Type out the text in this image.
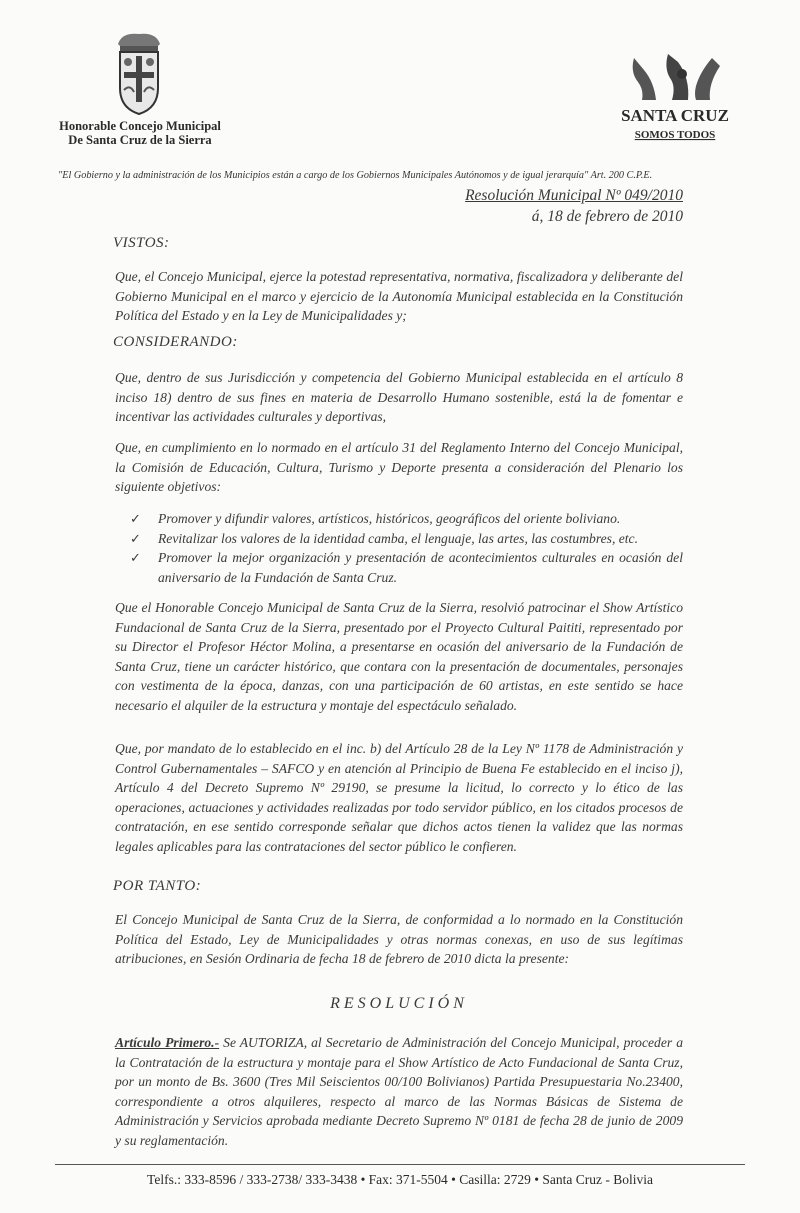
Honorable Concejo Municipal
De Santa Cruz de la Sierra
SANTA CRUZ
SOMOS TODOS
"El Gobierno y la administración de los Municipios están a cargo de los Gobiernos Municipales Autónomos y de igual jerarquía" Art. 200 C.P.E.
Resolución Municipal Nº 049/2010
á, 18 de febrero de 2010
VISTOS:
Que, el Concejo Municipal, ejerce la potestad representativa, normativa, fiscalizadora y deliberante del Gobierno Municipal en el marco y ejercicio de la Autonomía Municipal establecida en la Constitución Política del Estado y en la Ley de Municipalidades y;
CONSIDERANDO:
Que, dentro de sus Jurisdicción y competencia del Gobierno Municipal establecida en el artículo 8 inciso 18) dentro de sus fines en materia de Desarrollo Humano sostenible, está la de fomentar e incentivar las actividades culturales y deportivas,
Que, en cumplimiento en lo normado en el artículo 31 del Reglamento Interno del Concejo Municipal, la Comisión de Educación, Cultura, Turismo y Deporte presenta a consideración del Plenario los siguiente objetivos:
✓ Promover y difundir valores, artísticos, históricos, geográficos del oriente boliviano.
✓ Revitalizar los valores de la identidad camba, el lenguaje, las artes, las costumbres, etc.
✓ Promover la mejor organización y presentación de acontecimientos culturales en ocasión del aniversario de la Fundación de Santa Cruz.
Que el Honorable Concejo Municipal de Santa Cruz de la Sierra, resolvió patrocinar el Show Artístico Fundacional de Santa Cruz de la Sierra, presentado por el Proyecto Cultural Paititi, representado por su Director el Profesor Héctor Molina, a presentarse en ocasión del aniversario de la Fundación de Santa Cruz, tiene un carácter histórico, que contara con la presentación de documentales, personajes con vestimenta de la época, danzas, con una participación de 60 artistas, en este sentido se hace necesario el alquiler de la estructura y montaje del espectáculo señalado.
Que, por mandato de lo establecido en el inc. b) del Artículo 28 de la Ley Nº 1178 de Administración y Control Gubernamentales – SAFCO y en atención al Principio de Buena Fe establecido en el inciso j), Artículo 4 del Decreto Supremo Nº 29190, se presume la licitud, lo correcto y lo ético de las operaciones, actuaciones y actividades realizadas por todo servidor público, en los citados procesos de contratación, en ese sentido corresponde señalar que dichos actos tienen la validez que las normas legales aplicables para las contrataciones del sector público le confieren.
POR TANTO:
El Concejo Municipal de Santa Cruz de la Sierra, de conformidad a lo normado en la Constitución Política del Estado, Ley de Municipalidades y otras normas conexas, en uso de sus legítimas atribuciones, en Sesión Ordinaria de fecha 18 de febrero de 2010 dicta la presente:
RESOLUCIÓN
Artículo Primero.- Se AUTORIZA, al Secretario de Administración del Concejo Municipal, proceder a la Contratación de la estructura y montaje para el Show Artístico de Acto Fundacional de Santa Cruz, por un monto de Bs. 3600 (Tres Mil Seiscientos 00/100 Bolivianos) Partida Presupuestaria No.23400, correspondiente a otros alquileres, respecto al marco de las Normas Básicas de Sistema de Administración y Servicios aprobada mediante Decreto Supremo Nº 0181 de fecha 28 de junio de 2009 y su reglamentación.
Telfs.: 333-8596 / 333-2738/ 333-3438 • Fax: 371-5504 • Casilla: 2729 • Santa Cruz - Bolivia
